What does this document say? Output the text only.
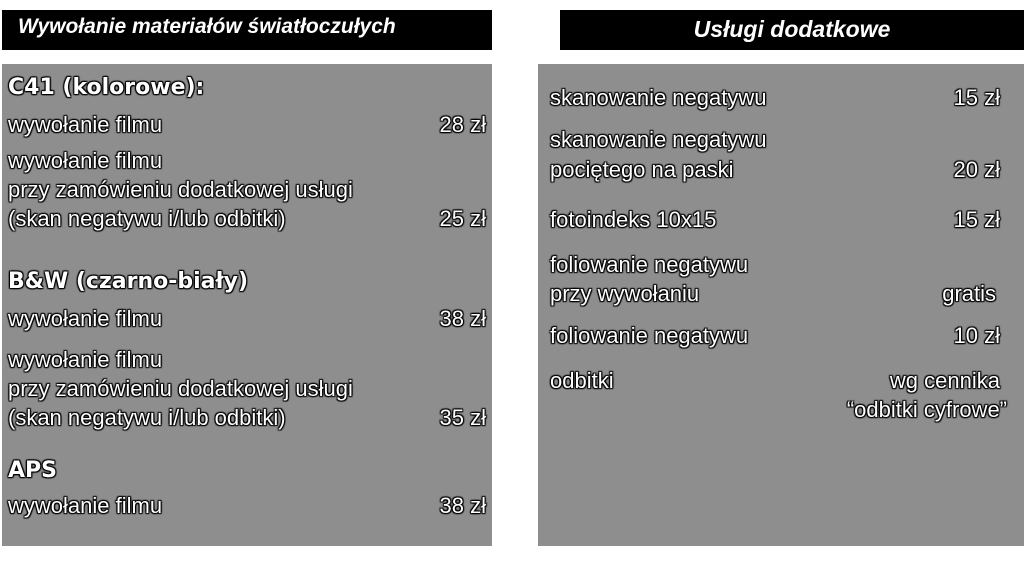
Wywołanie materiałów światłoczułych	Usługi dodatkowe
C41 (kolorowe):
wywołanie filmu	28 zł
wywołanie filmu
przy zamówieniu dodatkowej usługi
(skan negatywu i/lub odbitki)	25 zł
B&W (czarno-biały)
wywołanie filmu	38 zł
wywołanie filmu
przy zamówieniu dodatkowej usługi
(skan negatywu i/lub odbitki)	35 zł
APS
wywołanie filmu	38 zł
skanowanie negatywu	15 zł
skanowanie negatywu
pociętego na paski	20 zł
fotoindeks 10x15	15 zł
foliowanie negatywu
przy wywołaniu	gratis
foliowanie negatywu	10 zł
odbitki	wg cennika
“odbitki cyfrowe”
